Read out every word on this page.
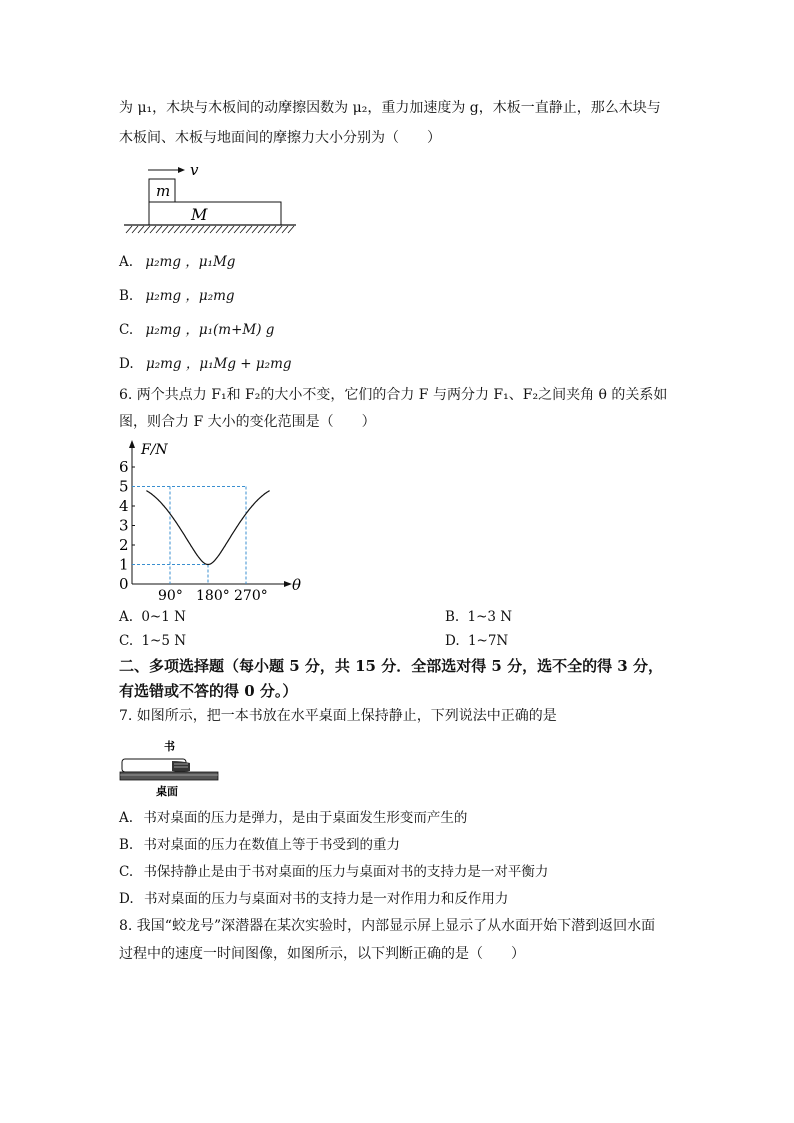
为 μ₁，木块与木板间的动摩擦因数为 μ₂，重力加速度为 g，木板一直静止，那么木块与
木板间、木板与地面间的摩擦力大小分别为（　　）
v
m
M
A. μ₂mg ，μ₁Mg
B. μ₂mg ，μ₂mg
C. μ₂mg ，μ₁(m+M) g
D. μ₂mg ，μ₁Mg + μ₂mg
6. 两个共点力 F₁和 F₂的大小不变，它们的合力 F 与两分力 F₁、F₂之间夹角 θ 的关系如
图，则合力 F 大小的变化范围是（　　）
0
1
2
3
4
5
6
90° 180° 270°
F/N
θ
A. 0~1 N	B. 1~3 N
C. 1~5 N	D. 1~7N
二、多项选择题（每小题 5 分，共 15 分．全部选对得 5 分，选不全的得 3 分，
有选错或不答的得 0 分。）
7. 如图所示，把一本书放在水平桌面上保持静止，下列说法中正确的是
书
桌面
A. 书对桌面的压力是弹力，是由于桌面发生形变而产生的
B. 书对桌面的压力在数值上等于书受到的重力
C. 书保持静止是由于书对桌面的压力与桌面对书的支持力是一对平衡力
D. 书对桌面的压力与桌面对书的支持力是一对作用力和反作用力
8. 我国“蛟龙号”深潜器在某次实验时，内部显示屏上显示了从水面开始下潜到返回水面
过程中的速度一时间图像，如图所示，以下判断正确的是（　　）
